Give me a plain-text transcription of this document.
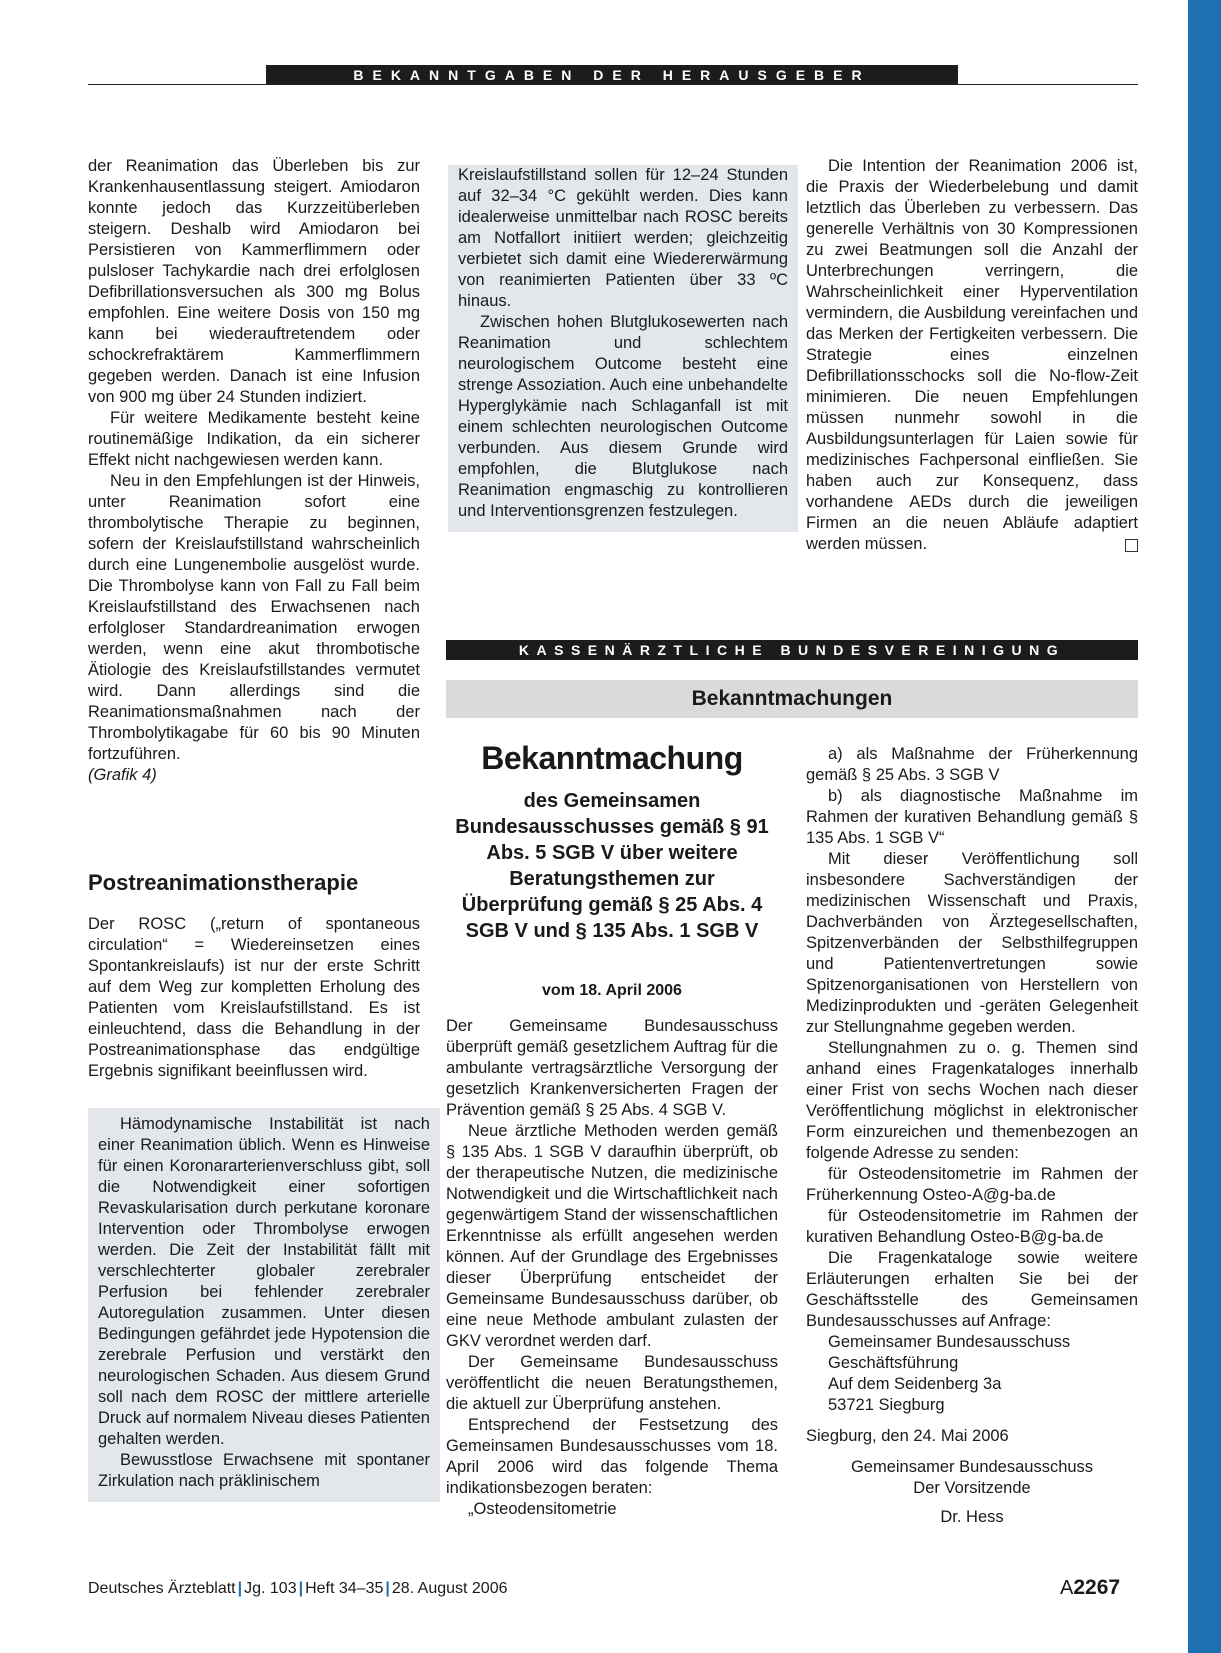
BEKANNTGABEN DER HERAUSGEBER

der Reanimation das Überleben bis zur Krankenhausentlassung steigert. Amiodaron konnte jedoch das Kurzzeitüberleben steigern. Deshalb wird Amiodaron bei Persistieren von Kammerflimmern oder pulsloser Tachykardie nach drei erfolglosen Defibrillationsversuchen als 300 mg Bolus empfohlen. Eine weitere Dosis von 150 mg kann bei wiederauftretendem oder schockrefraktärem Kammerflimmern gegeben werden. Danach ist eine Infusion von 900 mg über 24 Stunden indiziert.

Für weitere Medikamente besteht keine routinemäßige Indikation, da ein sicherer Effekt nicht nachgewiesen werden kann.

Neu in den Empfehlungen ist der Hinweis, unter Reanimation sofort eine thrombolytische Therapie zu beginnen, sofern der Kreislaufstillstand wahrscheinlich durch eine Lungenembolie ausgelöst wurde. Die Thrombolyse kann von Fall zu Fall beim Kreislaufstillstand des Erwachsenen nach erfolgloser Standardreanimation erwogen werden, wenn eine akut thrombotische Ätiologie des Kreislaufstillstandes vermutet wird. Dann allerdings sind die Reanimationsmaßnahmen nach der Thrombolytikagabe für 60 bis 90 Minuten fortzuführen.

(Grafik 4)

Postreanimationstherapie

Der ROSC („return of spontaneous circulation“ = Wiedereinsetzen eines Spontankreislaufs) ist nur der erste Schritt auf dem Weg zur kompletten Erholung des Patienten vom Kreislaufstillstand. Es ist einleuchtend, dass die Behandlung in der Postreanimationsphase das endgültige Ergebnis signifikant beeinflussen wird.

Hämodynamische Instabilität ist nach einer Reanimation üblich. Wenn es Hinweise für einen Koronararterienverschluss gibt, soll die Notwendigkeit einer sofortigen Revaskularisation durch perkutane koronare Intervention oder Thrombolyse erwogen werden. Die Zeit der Instabilität fällt mit verschlechterter globaler zerebraler Perfusion bei fehlender zerebraler Autoregulation zusammen. Unter diesen Bedingungen gefährdet jede Hypotension die zerebrale Perfusion und verstärkt den neurologischen Schaden. Aus diesem Grund soll nach dem ROSC der mittlere arterielle Druck auf normalem Niveau dieses Patienten gehalten werden.

Bewusstlose Erwachsene mit spontaner Zirkulation nach präklinischem

Kreislaufstillstand sollen für 12–24 Stunden auf 32–34 °C gekühlt werden. Dies kann idealerweise unmittelbar nach ROSC bereits am Notfallort initiiert werden; gleichzeitig verbietet sich damit eine Wiedererwärmung von reanimierten Patienten über 33 ºC hinaus.

Zwischen hohen Blutglukosewerten nach Reanimation und schlechtem neurologischem Outcome besteht eine strenge Assoziation. Auch eine unbehandelte Hyperglykämie nach Schlaganfall ist mit einem schlechten neurologischen Outcome verbunden. Aus diesem Grunde wird empfohlen, die Blutglukose nach Reanimation engmaschig zu kontrollieren und Interventionsgrenzen festzulegen.

Die Intention der Reanimation 2006 ist, die Praxis der Wiederbelebung und damit letztlich das Überleben zu verbessern. Das generelle Verhältnis von 30 Kompressionen zu zwei Beatmungen soll die Anzahl der Unterbrechungen verringern, die Wahrscheinlichkeit einer Hyperventilation vermindern, die Ausbildung vereinfachen und das Merken der Fertigkeiten verbessern. Die Strategie eines einzelnen Defibrillationsschocks soll die No-flow-Zeit minimieren. Die neuen Empfehlungen müssen nunmehr sowohl in die Ausbildungsunterlagen für Laien sowie für medizinisches Fachpersonal einfließen. Sie haben auch zur Konsequenz, dass vorhandene AEDs durch die jeweiligen Firmen an die neuen Abläufe adaptiert werden müssen.

KASSENÄRZTLICHE BUNDESVEREINIGUNG
Bekanntmachungen
Bekanntmachung
des Gemeinsamen Bundesausschusses gemäß § 91 Abs. 5 SGB V über weitere Beratungsthemen zur Überprüfung gemäß § 25 Abs. 4 SGB V und § 135 Abs. 1 SGB V
vom 18. April 2006

Der Gemeinsame Bundesausschuss überprüft gemäß gesetzlichem Auftrag für die ambulante vertragsärztliche Versorgung der gesetzlich Krankenversicherten Fragen der Prävention gemäß § 25 Abs. 4 SGB V.

Neue ärztliche Methoden werden gemäß § 135 Abs. 1 SGB V daraufhin überprüft, ob der therapeutische Nutzen, die medizinische Notwendigkeit und die Wirtschaftlichkeit nach gegenwärtigem Stand der wissenschaftlichen Erkenntnisse als erfüllt angesehen werden können. Auf der Grundlage des Ergebnisses dieser Überprüfung entscheidet der Gemeinsame Bundesausschuss darüber, ob eine neue Methode ambulant zulasten der GKV verordnet werden darf.

Der Gemeinsame Bundesausschuss veröffentlicht die neuen Beratungsthemen, die aktuell zur Überprüfung anstehen.

Entsprechend der Festsetzung des Gemeinsamen Bundesausschusses vom 18. April 2006 wird das folgende Thema indikationsbezogen beraten:

„Osteodensitometrie

a) als Maßnahme der Früherkennung gemäß § 25 Abs. 3 SGB V

b) als diagnostische Maßnahme im Rahmen der kurativen Behandlung gemäß § 135 Abs. 1 SGB V“

Mit dieser Veröffentlichung soll insbesondere Sachverständigen der medizinischen Wissenschaft und Praxis, Dachverbänden von Ärztegesellschaften, Spitzenverbänden der Selbsthilfegruppen und Patientenvertretungen sowie Spitzenorganisationen von Herstellern von Medizinprodukten und -geräten Gelegenheit zur Stellungnahme gegeben werden.

Stellungnahmen zu o. g. Themen sind anhand eines Fragenkataloges innerhalb einer Frist von sechs Wochen nach dieser Veröffentlichung möglichst in elektronischer Form einzureichen und themenbezogen an folgende Adresse zu senden:

für Osteodensitometrie im Rahmen der Früherkennung Osteo-A@g-ba.de

für Osteodensitometrie im Rahmen der kurativen Behandlung Osteo-B@g-ba.de

Die Fragenkataloge sowie weitere Erläuterungen erhalten Sie bei der Geschäftsstelle des Gemeinsamen Bundesausschusses auf Anfrage:

Gemeinsamer Bundesausschuss

Geschäftsführung

Auf dem Seidenberg 3a

53721 Siegburg

Siegburg, den 24. Mai 2006

Gemeinsamer Bundesausschuss

Der Vorsitzende

Dr. Hess

Deutsches Ärzteblatt | Jg. 103 | Heft 34–35 | 28. August 2006	A2267
